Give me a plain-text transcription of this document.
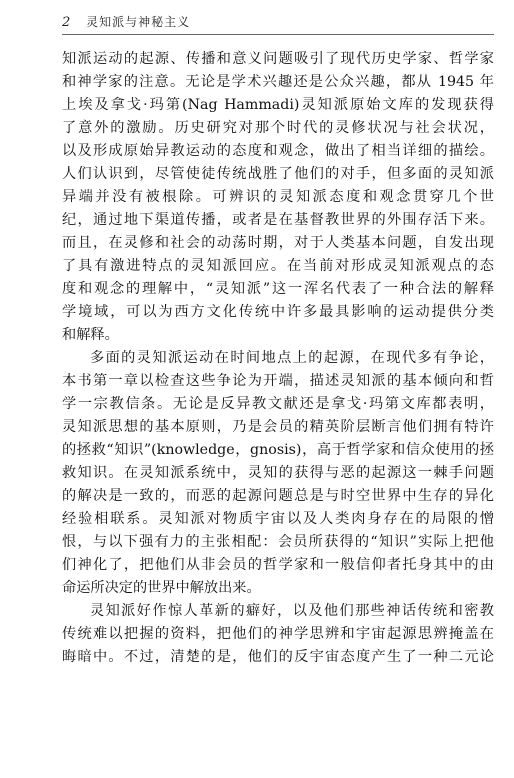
2 灵知派与神秘主义
知派运动的起源、传播和意义问题吸引了现代历史学家、哲学家
和神学家的注意。无论是学术兴趣还是公众兴趣，都从 1945 年
上埃及拿戈·玛第(Nag Hammadi)灵知派原始文库的发现获得
了意外的激励。历史研究对那个时代的灵修状况与社会状况，
以及形成原始异教运动的态度和观念，做出了相当详细的描绘。
人们认识到，尽管使徒传统战胜了他们的对手，但多面的灵知派
异端并没有被根除。可辨识的灵知派态度和观念贯穿几个世
纪，通过地下渠道传播，或者是在基督教世界的外围存活下来。
而且，在灵修和社会的动荡时期，对于人类基本问题，自发出现
了具有激进特点的灵知派回应。在当前对形成灵知派观点的态
度和观念的理解中，“灵知派”这一浑名代表了一种合法的解释
学境域，可以为西方文化传统中许多最具影响的运动提供分类
和解释。
多面的灵知派运动在时间地点上的起源，在现代多有争论，
本书第一章以检查这些争论为开端，描述灵知派的基本倾向和哲
学一宗教信条。无论是反异教文献还是拿戈·玛第文库都表明，
灵知派思想的基本原则，乃是会员的精英阶层断言他们拥有特许
的拯救“知识”(knowledge，gnosis)，高于哲学家和信众使用的拯
救知识。在灵知派系统中，灵知的获得与恶的起源这一棘手问题
的解决是一致的，而恶的起源问题总是与时空世界中生存的异化
经验相联系。灵知派对物质宇宙以及人类肉身存在的局限的憎
恨，与以下强有力的主张相配：会员所获得的“知识”实际上把他
们神化了，把他们从非会员的哲学家和一般信仰者托身其中的由
命运所决定的世界中解放出来。
灵知派好作惊人革新的癖好，以及他们那些神话传统和密教
传统难以把握的资料，把他们的神学思辨和宇宙起源思辨掩盖在
晦暗中。不过，清楚的是，他们的反宇宙态度产生了一种二元论
